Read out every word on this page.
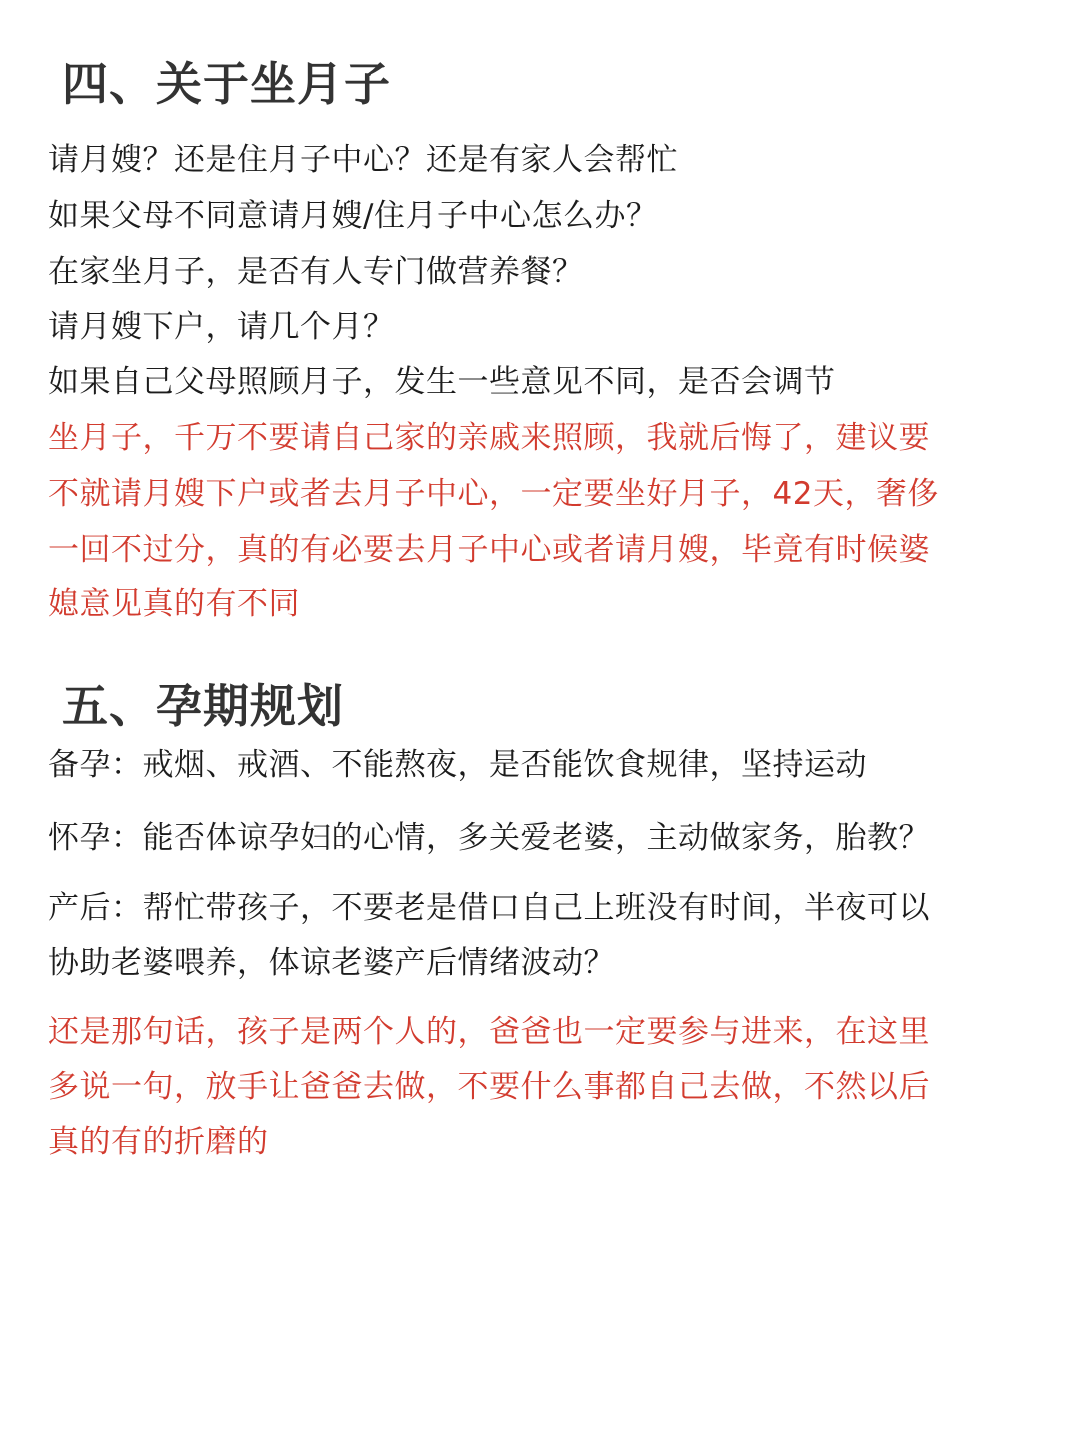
四、关于坐月子
请月嫂？还是住月子中心？还是有家人会帮忙
如果父母不同意请月嫂/住月子中心怎么办？
在家坐月子，是否有人专门做营养餐？
请月嫂下户，请几个月？
如果自己父母照顾月子，发生一些意见不同，是否会调节
坐月子，千万不要请自己家的亲戚来照顾，我就后悔了，建议要
不就请月嫂下户或者去月子中心，一定要坐好月子，42天，奢侈
一回不过分，真的有必要去月子中心或者请月嫂，毕竟有时候婆
媳意见真的有不同
五、孕期规划
备孕：戒烟、戒酒、不能熬夜，是否能饮食规律，坚持运动
怀孕：能否体谅孕妇的心情，多关爱老婆，主动做家务，胎教？
产后：帮忙带孩子，不要老是借口自己上班没有时间，半夜可以
协助老婆喂养，体谅老婆产后情绪波动？
还是那句话，孩子是两个人的，爸爸也一定要参与进来，在这里
多说一句，放手让爸爸去做，不要什么事都自己去做，不然以后
真的有的折磨的
